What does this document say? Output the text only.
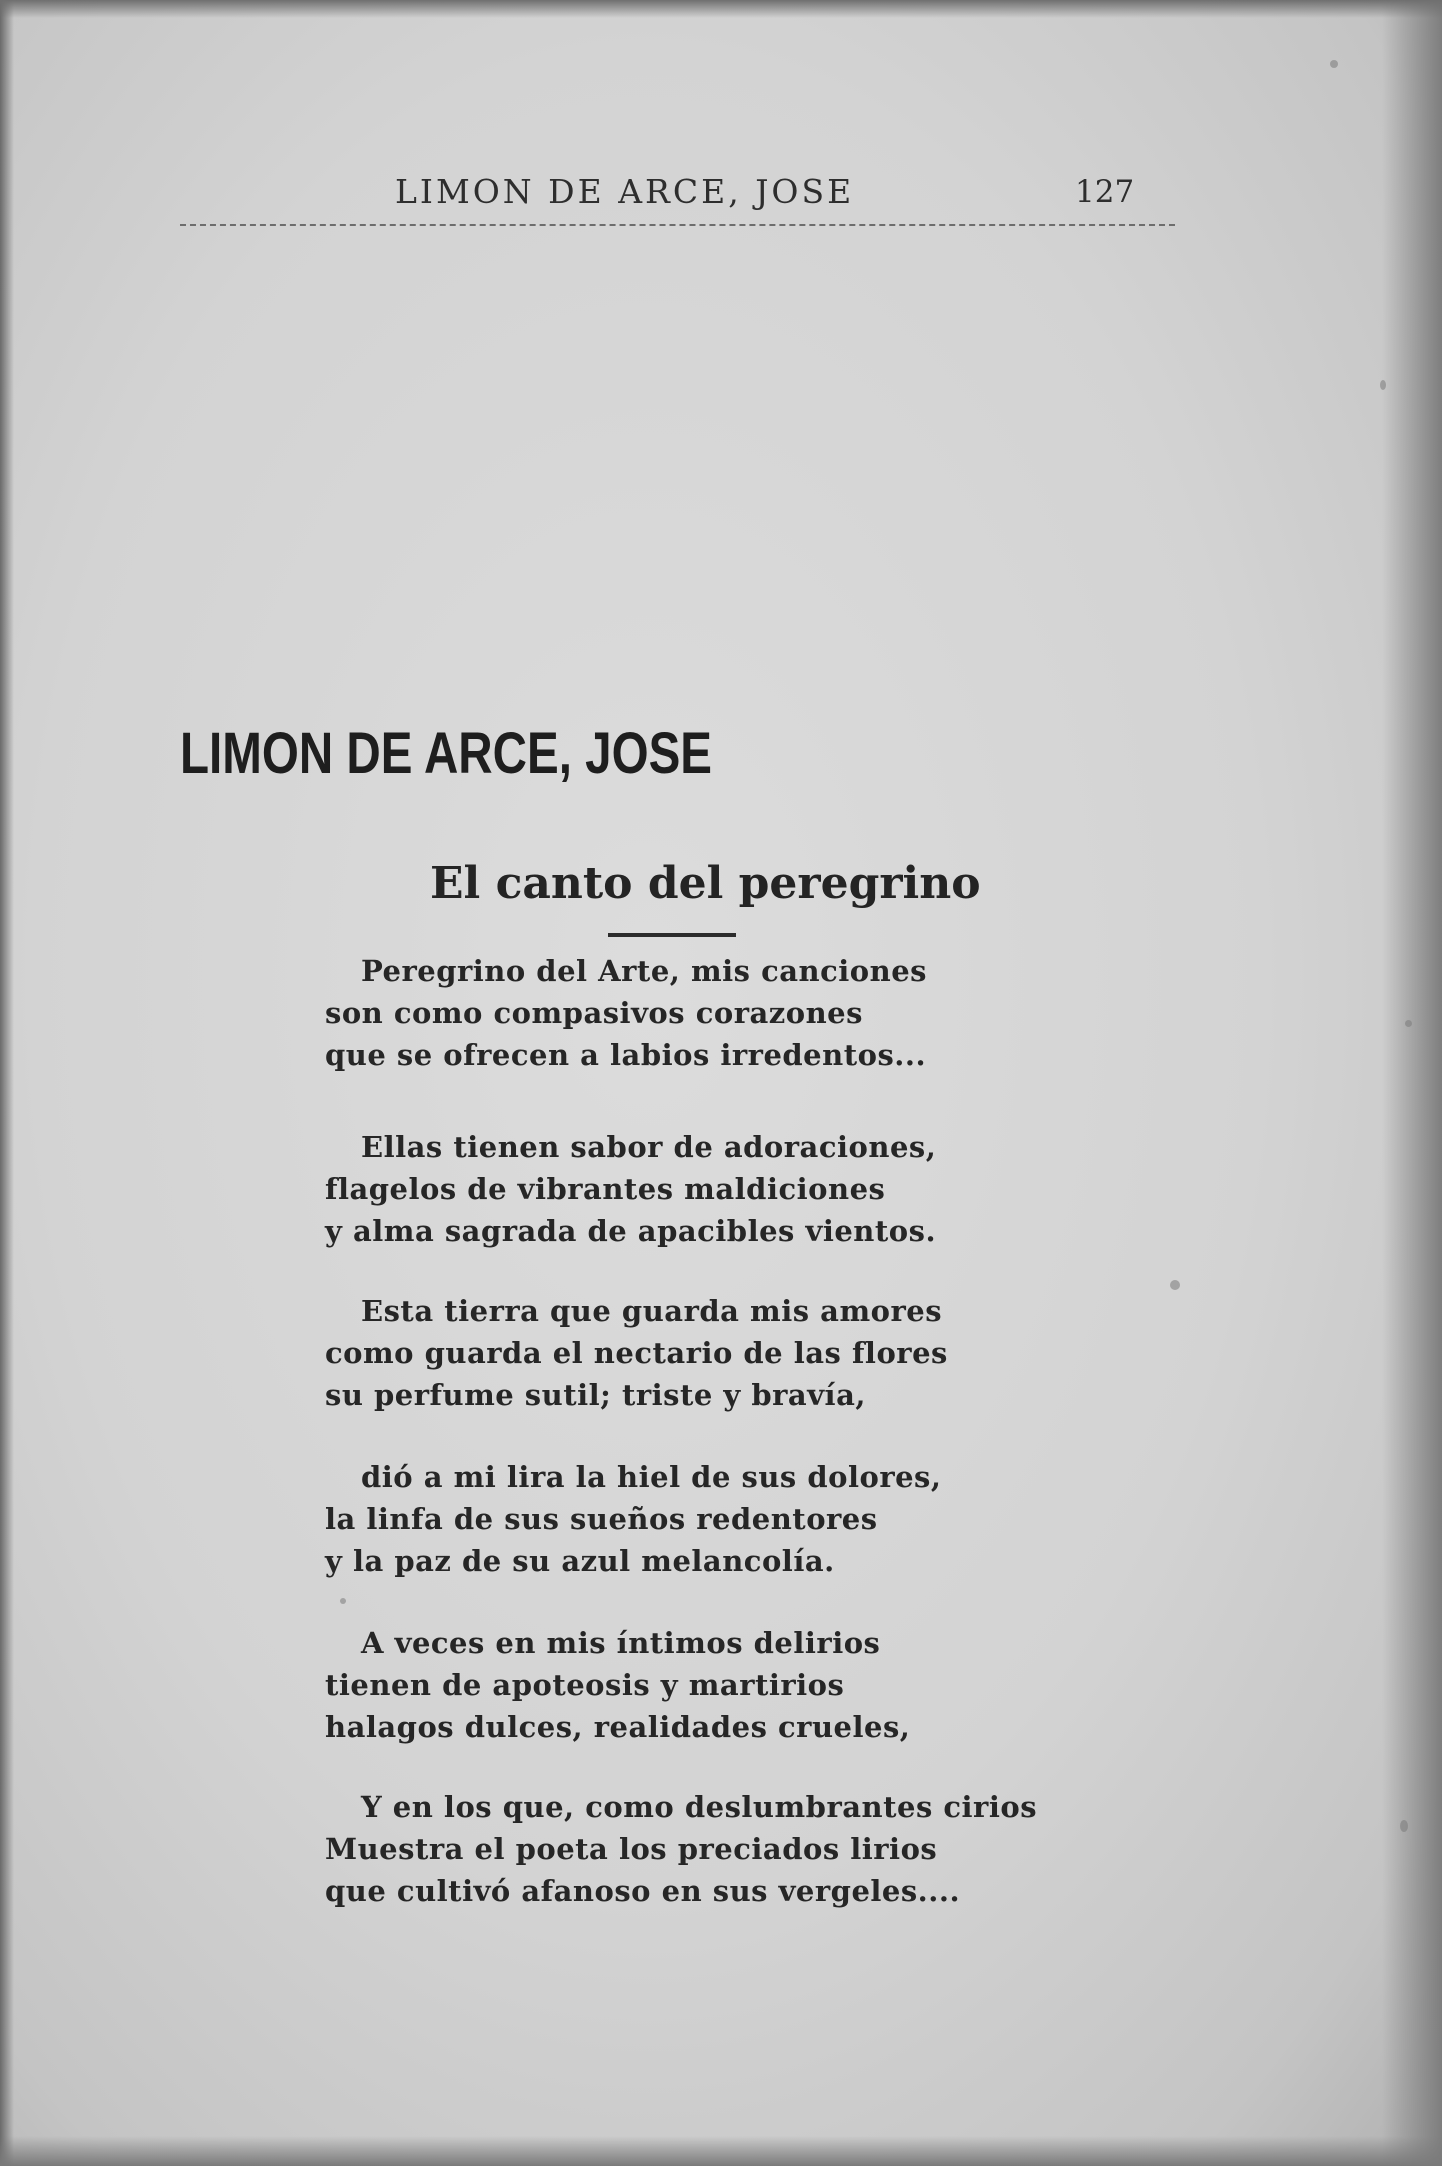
LIMON DE ARCE, JOSE	127
LIMON DE ARCE, JOSE
El canto del peregrino
Peregrino del Arte, mis canciones
son como compasivos corazones
que se ofrecen a labios irredentos...
Ellas tienen sabor de adoraciones,
flagelos de vibrantes maldiciones
y alma sagrada de apacibles vientos.
Esta tierra que guarda mis amores
como guarda el nectario de las flores
su perfume sutil; triste y bravía,
dió a mi lira la hiel de sus dolores,
la linfa de sus sueños redentores
y la paz de su azul melancolía.
A veces en mis íntimos delirios
tienen de apoteosis y martirios
halagos dulces, realidades crueles,
Y en los que, como deslumbrantes cirios
Muestra el poeta los preciados lirios
que cultivó afanoso en sus vergeles....
